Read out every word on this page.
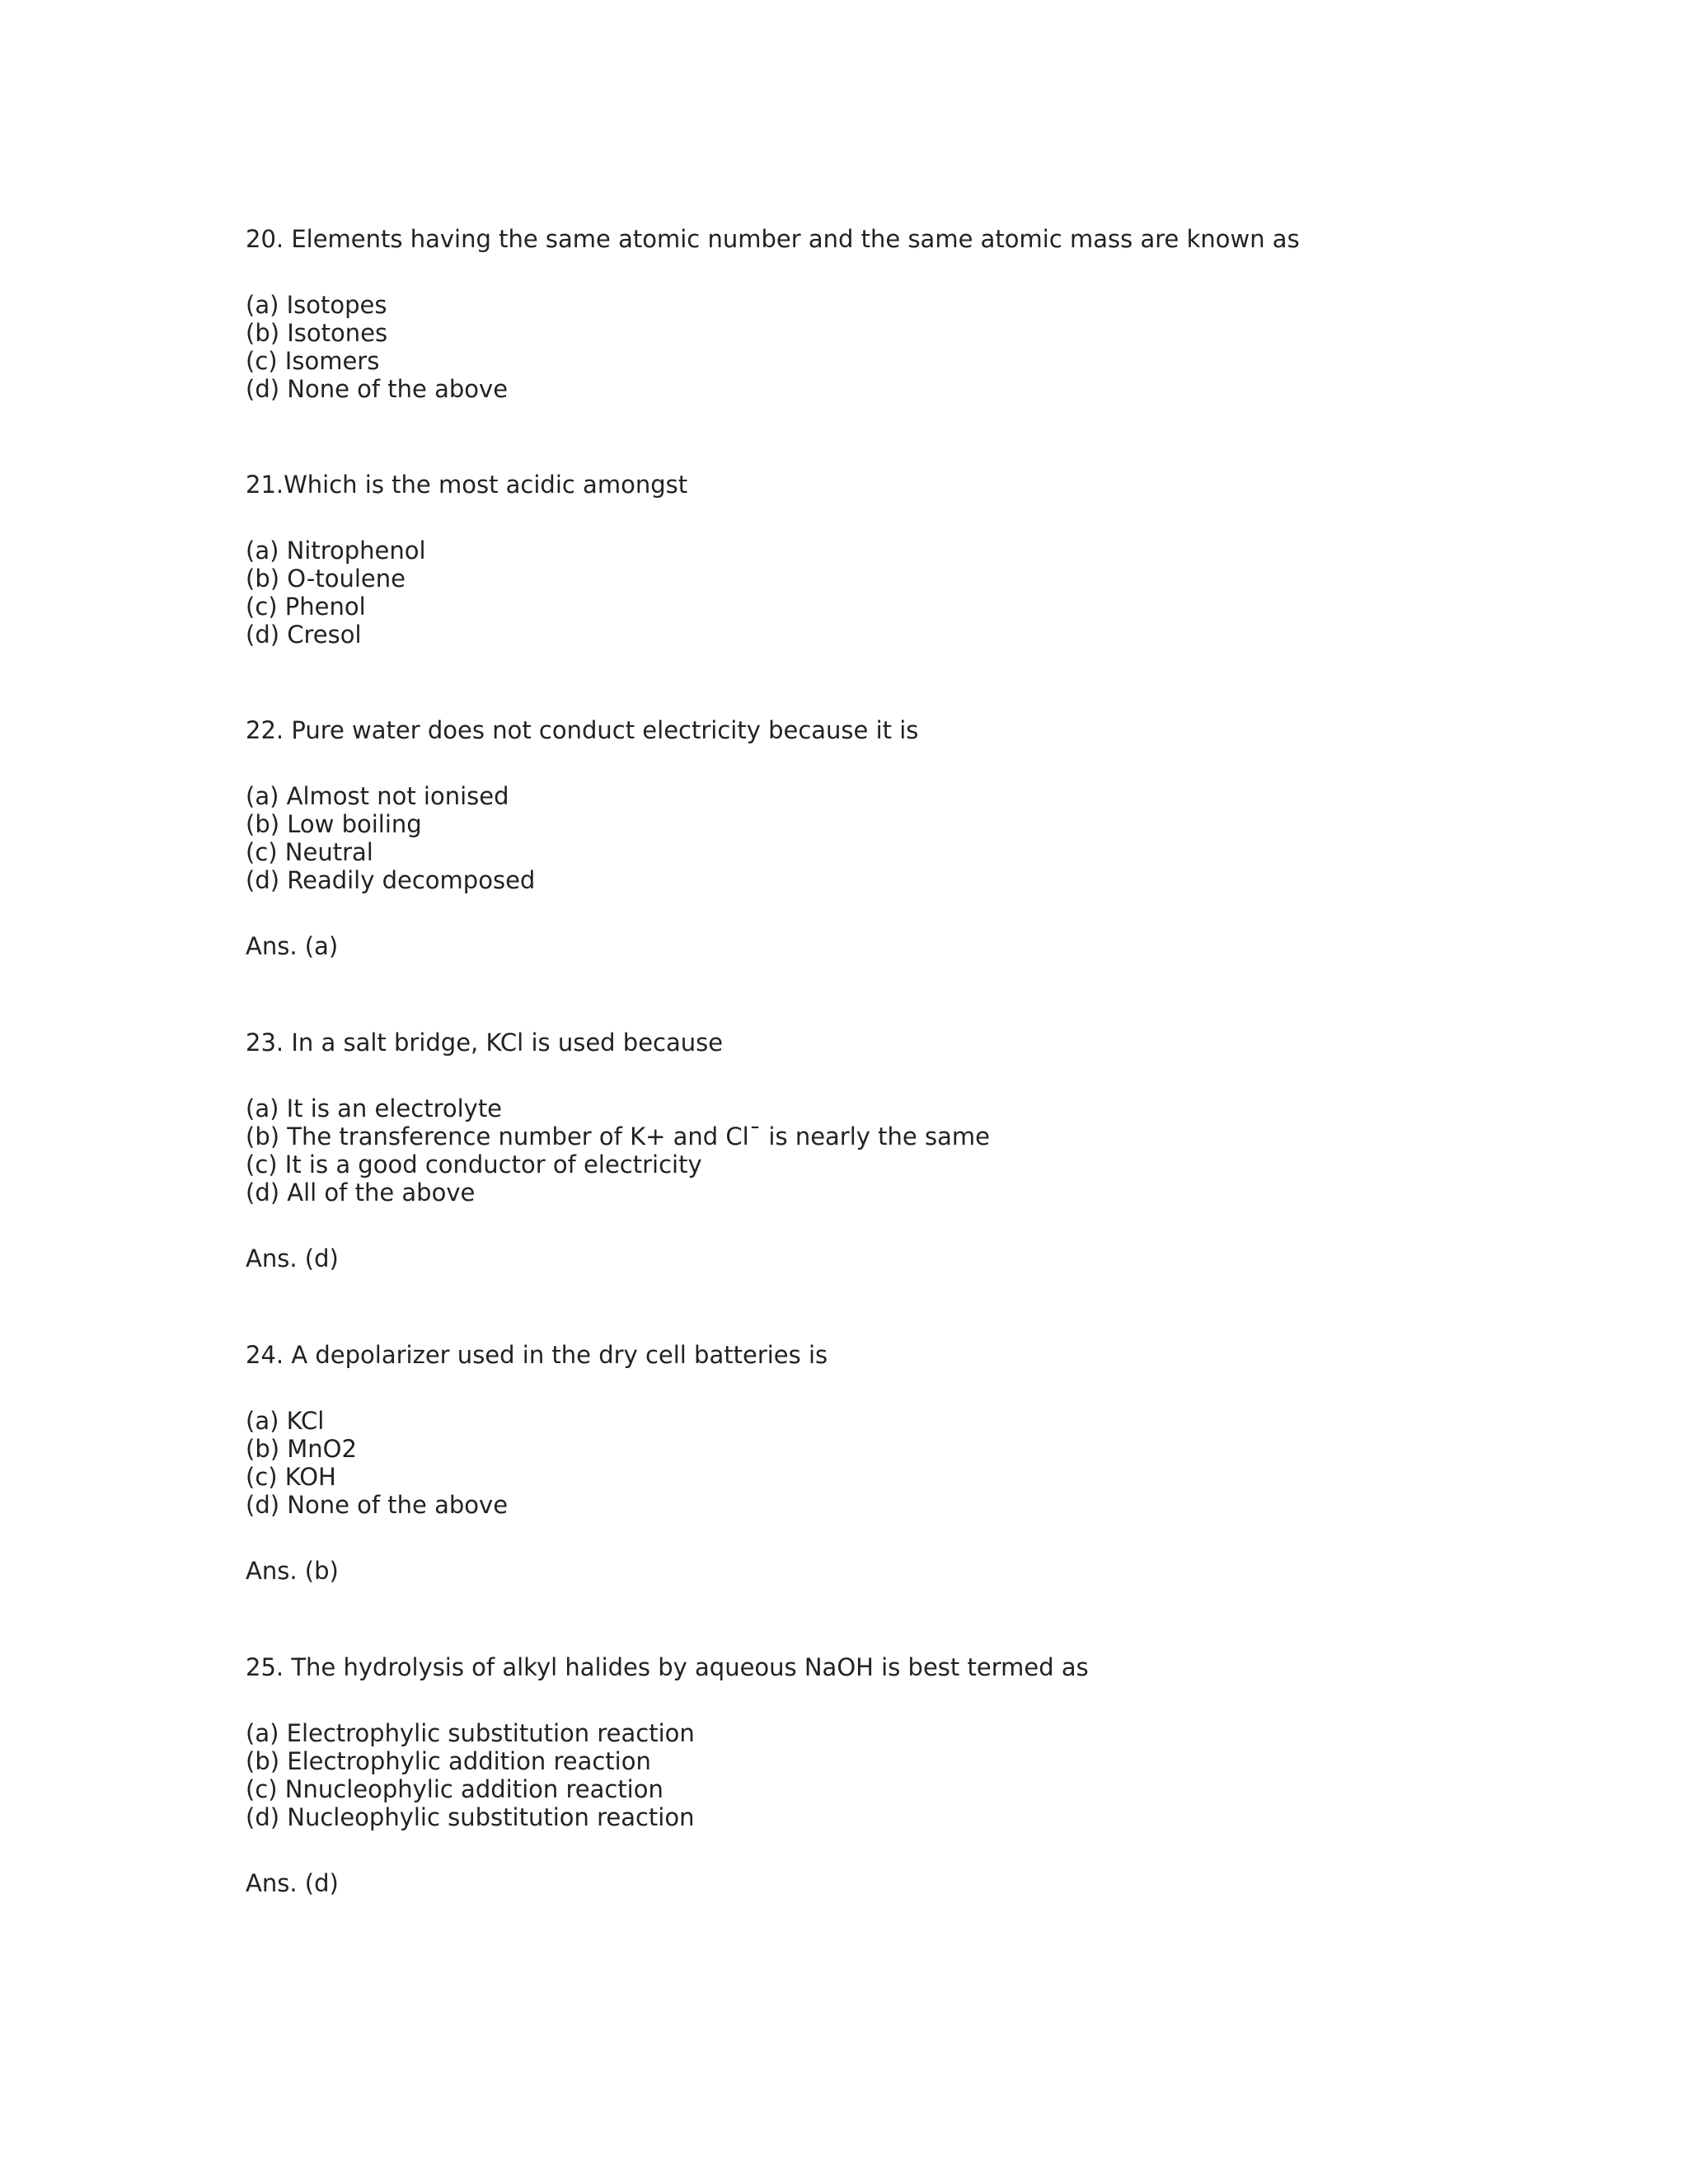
20. Elements having the same atomic number and the same atomic mass are known as
(a) Isotopes
(b) Isotones
(c) Isomers
(d) None of the above
21.Which is the most acidic amongst
(a) Nitrophenol
(b) O-toulene
(c) Phenol
(d) Cresol
22. Pure water does not conduct electricity because it is
(a) Almost not ionised
(b) Low boiling
(c) Neutral
(d) Readily decomposed
Ans. (a)
23. In a salt bridge, KCl is used because
(a) It is an electrolyte
(b) The transference number of K+ and Cl¯ is nearly the same
(c) It is a good conductor of electricity
(d) All of the above
Ans. (d)
24. A depolarizer used in the dry cell batteries is
(a) KCl
(b) MnO2
(c) KOH
(d) None of the above
Ans. (b)
25. The hydrolysis of alkyl halides by aqueous NaOH is best termed as
(a) Electrophylic substitution reaction
(b) Electrophylic addition reaction
(c) Nnucleophylic addition reaction
(d) Nucleophylic substitution reaction
Ans. (d)
